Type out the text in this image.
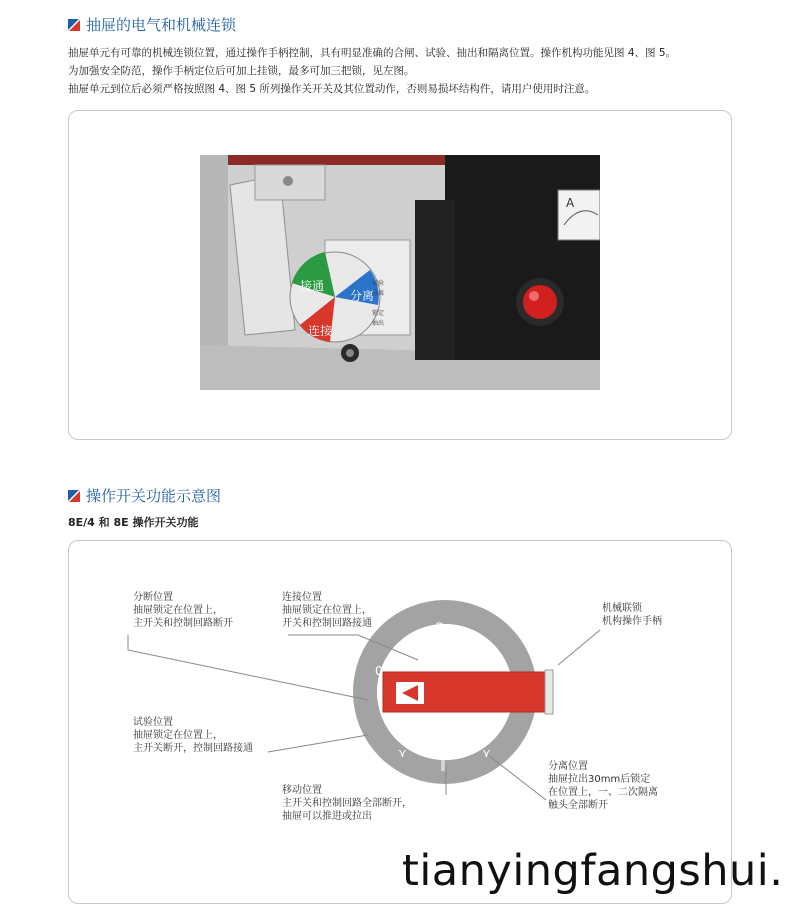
抽屉的电气和机械连锁
抽屉单元有可靠的机械连锁位置，通过操作手柄控制，具有明显准确的合闸、试验、抽出和隔离位置。操作机构功能见图 4、图 5。
为加强安全防范，操作手柄定位后可加上挂锁，最多可加三把锁，见左图。
抽屉单元到位后必须严格按照图 4、图 5 所列操作关开关及其位置动作，否则易损坏结构件，请用户使用时注意。
A
接通
分离
连接
试验
分离
锁定
抽出
操作开关功能示意图
8E/4 和 8E 操作开关功能
↶ |
0
⋎
‖
⋎
分断位置
抽屉锁定在位置上，
主开关和控制回路断开
连接位置
抽屉锁定在位置上，
开关和控制回路接通
机械联锁
机构操作手柄
试验位置
抽屉锁定在位置上，
主开关断开，控制回路接通
移动位置
主开关和控制回路全部断开，
抽屉可以推进或拉出
分离位置
抽屉拉出30mm后锁定
在位置上，一、二次隔离
触头全部断开
tianyingfangshui.
